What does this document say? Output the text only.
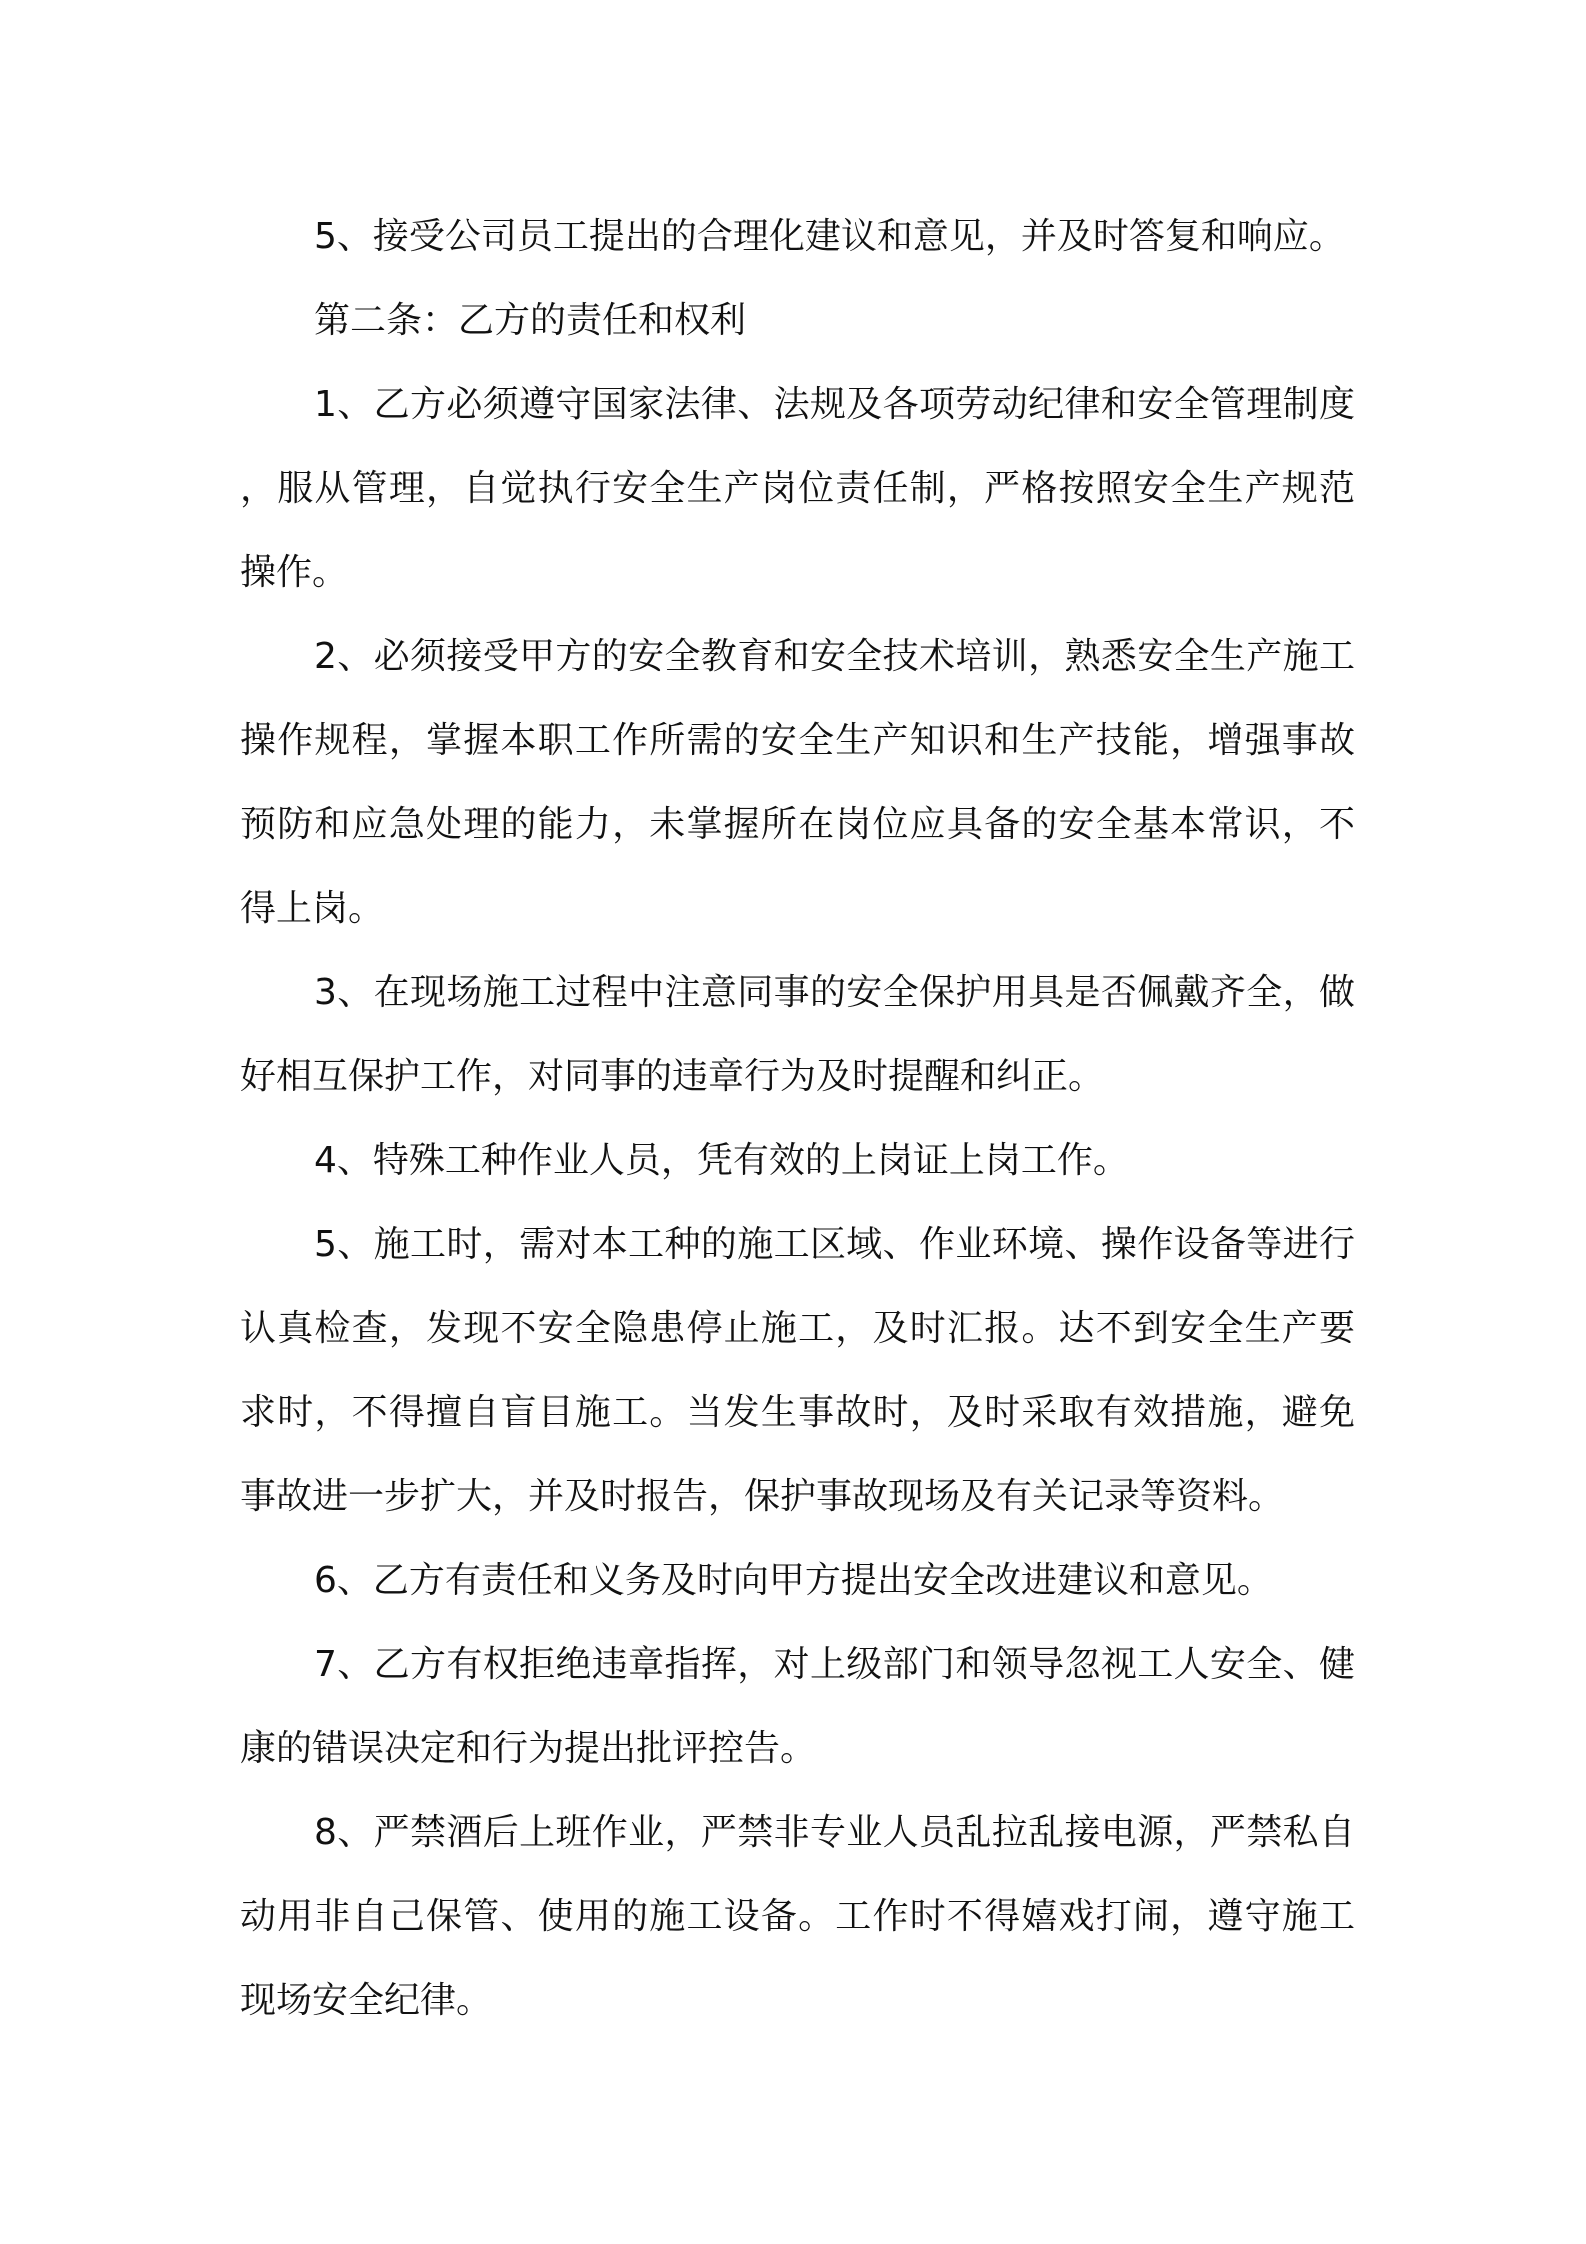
5、接受公司员工提出的合理化建议和意见，并及时答复和响应。

第二条：乙方的责任和权利

1、乙方必须遵守国家法律、法规及各项劳动纪律和安全管理制度，服从管理，自觉执行安全生产岗位责任制，严格按照安全生产规范操作。

2、必须接受甲方的安全教育和安全技术培训，熟悉安全生产施工操作规程，掌握本职工作所需的安全生产知识和生产技能，增强事故预防和应急处理的能力，未掌握所在岗位应具备的安全基本常识，不得上岗。

3、在现场施工过程中注意同事的安全保护用具是否佩戴齐全，做好相互保护工作，对同事的违章行为及时提醒和纠正。

4、特殊工种作业人员，凭有效的上岗证上岗工作。

5、施工时，需对本工种的施工区域、作业环境、操作设备等进行认真检查，发现不安全隐患停止施工，及时汇报。达不到安全生产要求时，不得擅自盲目施工。当发生事故时，及时采取有效措施，避免事故进一步扩大，并及时报告，保护事故现场及有关记录等资料。

6、乙方有责任和义务及时向甲方提出安全改进建议和意见。

7、乙方有权拒绝违章指挥，对上级部门和领导忽视工人安全、健康的错误决定和行为提出批评控告。

8、严禁酒后上班作业，严禁非专业人员乱拉乱接电源，严禁私自动用非自己保管、使用的施工设备。工作时不得嬉戏打闹，遵守施工现场安全纪律。
